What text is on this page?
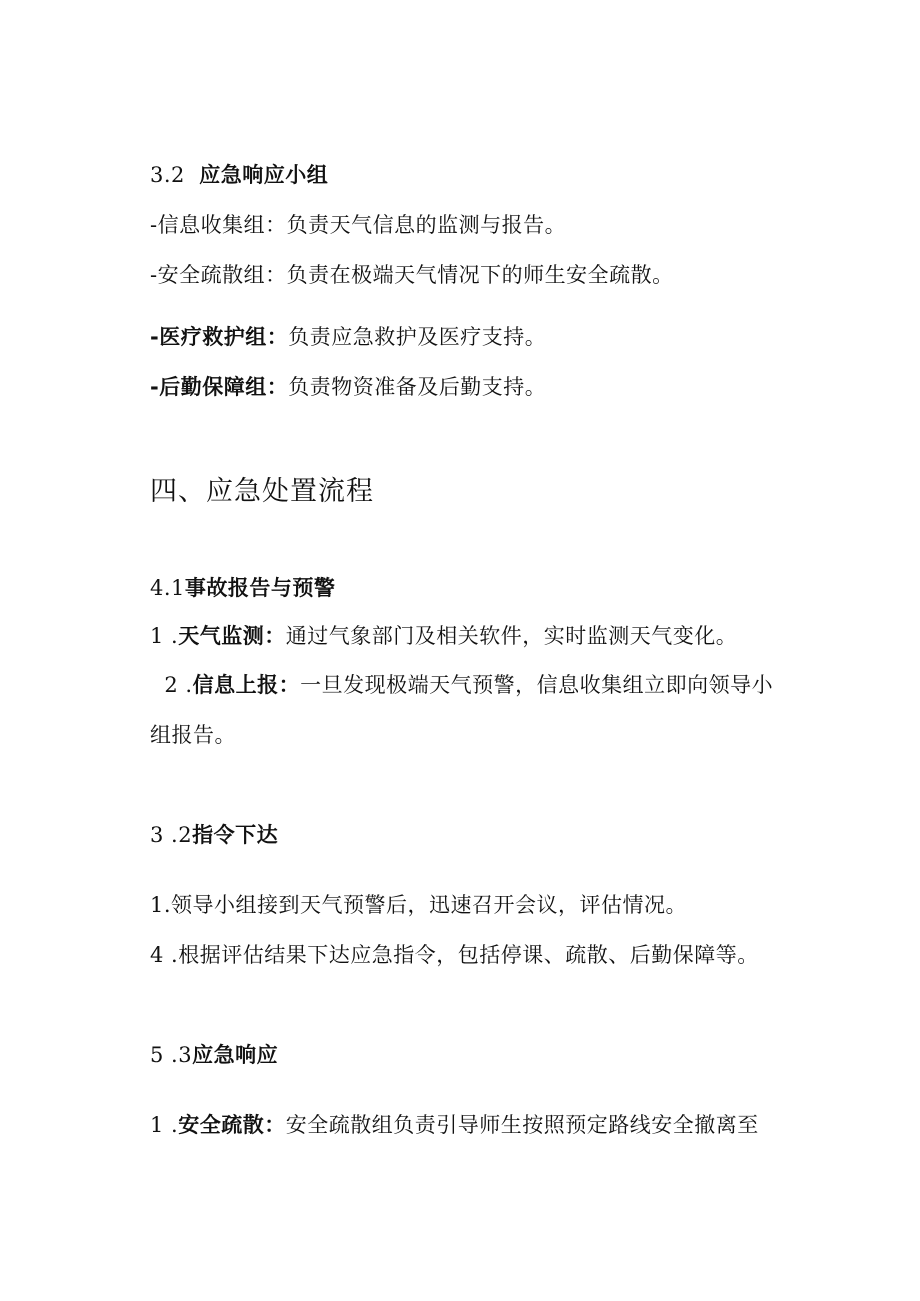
3.2 应急响应小组
-信息收集组：负责天气信息的监测与报告。
-安全疏散组：负责在极端天气情况下的师生安全疏散。
-医疗救护组：负责应急救护及医疗支持。
-后勤保障组：负责物资准备及后勤支持。
四、应急处置流程
4.1事故报告与预警
1 .天气监测：通过气象部门及相关软件，实时监测天气变化。
2 .信息上报：一旦发现极端天气预警，信息收集组立即向领导小
组报告。
3 .2指令下达
1.领导小组接到天气预警后，迅速召开会议，评估情况。
4 .根据评估结果下达应急指令，包括停课、疏散、后勤保障等。
5 .3应急响应
1 .安全疏散：安全疏散组负责引导师生按照预定路线安全撤离至
